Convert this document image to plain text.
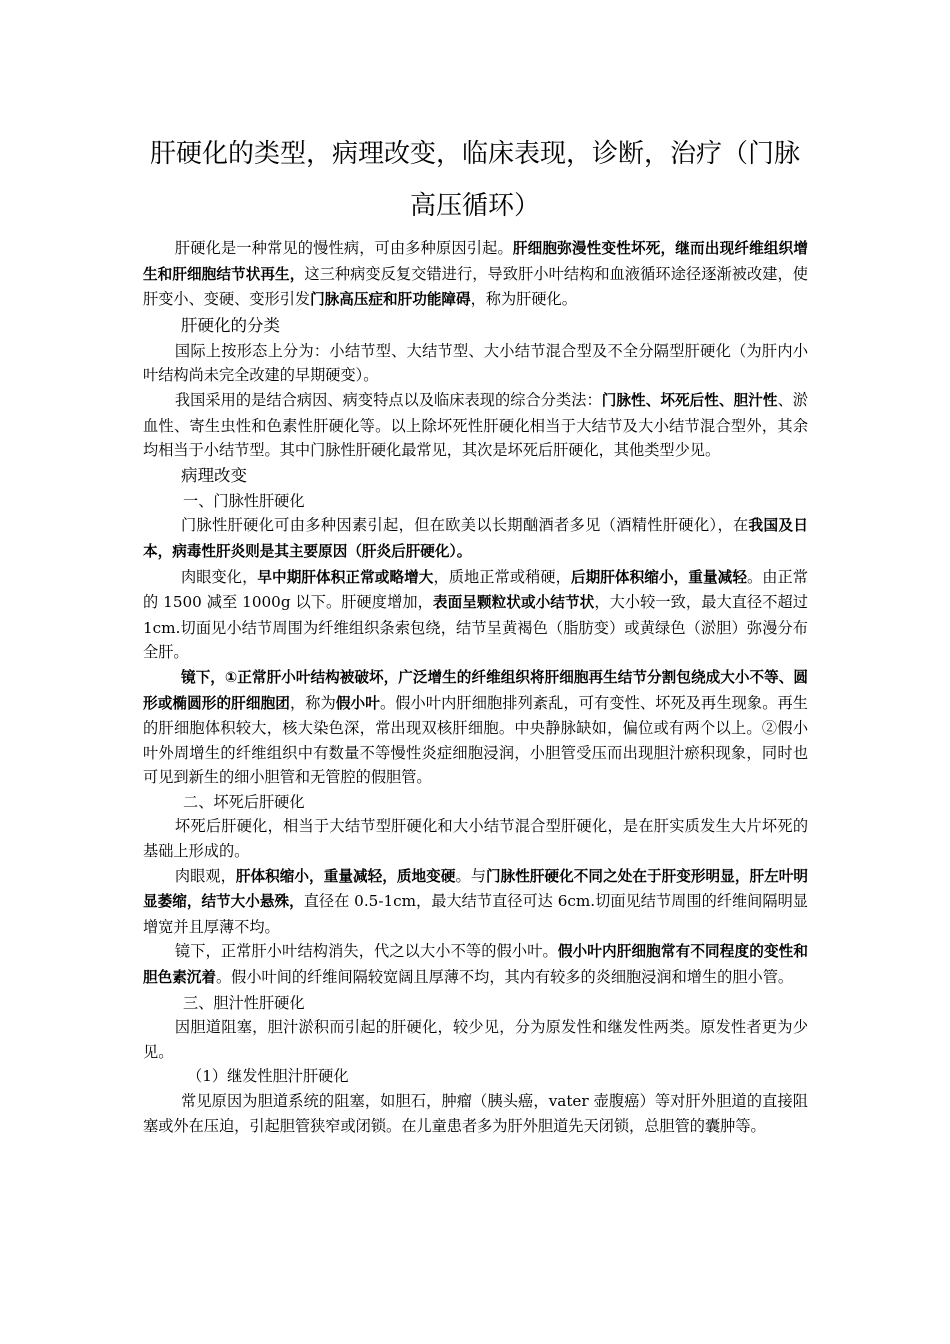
肝硬化的类型，病理改变，临床表现，诊断，治疗（门脉高压循环）

肝硬化是一种常见的慢性病，可由多种原因引起。肝细胞弥漫性变性坏死，继而出现纤维组织增生和肝细胞结节状再生，这三种病变反复交错进行，导致肝小叶结构和血液循环途径逐渐被改建，使肝变小、变硬、变形引发门脉高压症和肝功能障碍，称为肝硬化。

肝硬化的分类

国际上按形态上分为：小结节型、大结节型、大小结节混合型及不全分隔型肝硬化（为肝内小叶结构尚未完全改建的早期硬变）。

我国采用的是结合病因、病变特点以及临床表现的综合分类法：门脉性、坏死后性、胆汁性、淤血性、寄生虫性和色素性肝硬化等。以上除坏死性肝硬化相当于大结节及大小结节混合型外，其余均相当于小结节型。其中门脉性肝硬化最常见，其次是坏死后肝硬化，其他类型少见。

病理改变

一、门脉性肝硬化

门脉性肝硬化可由多种因素引起，但在欧美以长期酗酒者多见（酒精性肝硬化），在我国及日本，病毒性肝炎则是其主要原因（肝炎后肝硬化）。

肉眼变化，早中期肝体积正常或略增大，质地正常或稍硬，后期肝体积缩小，重量减轻。由正常的 1500 减至 1000g 以下。肝硬度增加，表面呈颗粒状或小结节状，大小较一致，最大直径不超过 1cm.切面见小结节周围为纤维组织条索包绕，结节呈黄褐色（脂肪变）或黄绿色（淤胆）弥漫分布全肝。

镜下，①正常肝小叶结构被破坏，广泛增生的纤维组织将肝细胞再生结节分割包绕成大小不等、圆形或椭圆形的肝细胞团，称为假小叶。假小叶内肝细胞排列紊乱，可有变性、坏死及再生现象。再生的肝细胞体积较大，核大染色深，常出现双核肝细胞。中央静脉缺如，偏位或有两个以上。②假小叶外周增生的纤维组织中有数量不等慢性炎症细胞浸润，小胆管受压而出现胆汁瘀积现象，同时也可见到新生的细小胆管和无管腔的假胆管。

二、坏死后肝硬化

坏死后肝硬化，相当于大结节型肝硬化和大小结节混合型肝硬化，是在肝实质发生大片坏死的基础上形成的。

肉眼观，肝体积缩小，重量减轻，质地变硬。与门脉性肝硬化不同之处在于肝变形明显，肝左叶明显萎缩，结节大小悬殊，直径在 0.5-1cm，最大结节直径可达 6cm.切面见结节周围的纤维间隔明显增宽并且厚薄不均。

镜下，正常肝小叶结构消失，代之以大小不等的假小叶。假小叶内肝细胞常有不同程度的变性和胆色素沉着。假小叶间的纤维间隔较宽阔且厚薄不均，其内有较多的炎细胞浸润和增生的胆小管。

三、胆汁性肝硬化

因胆道阻塞，胆汁淤积而引起的肝硬化，较少见，分为原发性和继发性两类。原发性者更为少见。

（1）继发性胆汁肝硬化

常见原因为胆道系统的阻塞，如胆石，肿瘤（胰头癌，vater 壶腹癌）等对肝外胆道的直接阻塞或外在压迫，引起胆管狭窄或闭锁。在儿童患者多为肝外胆道先天闭锁，总胆管的囊肿等。
